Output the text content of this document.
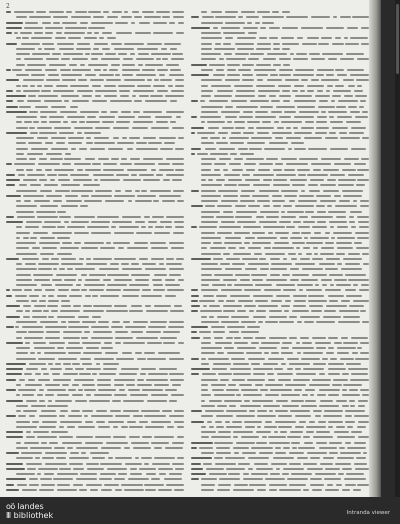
2
oö landes
III bibliothek	Intranda viewer
